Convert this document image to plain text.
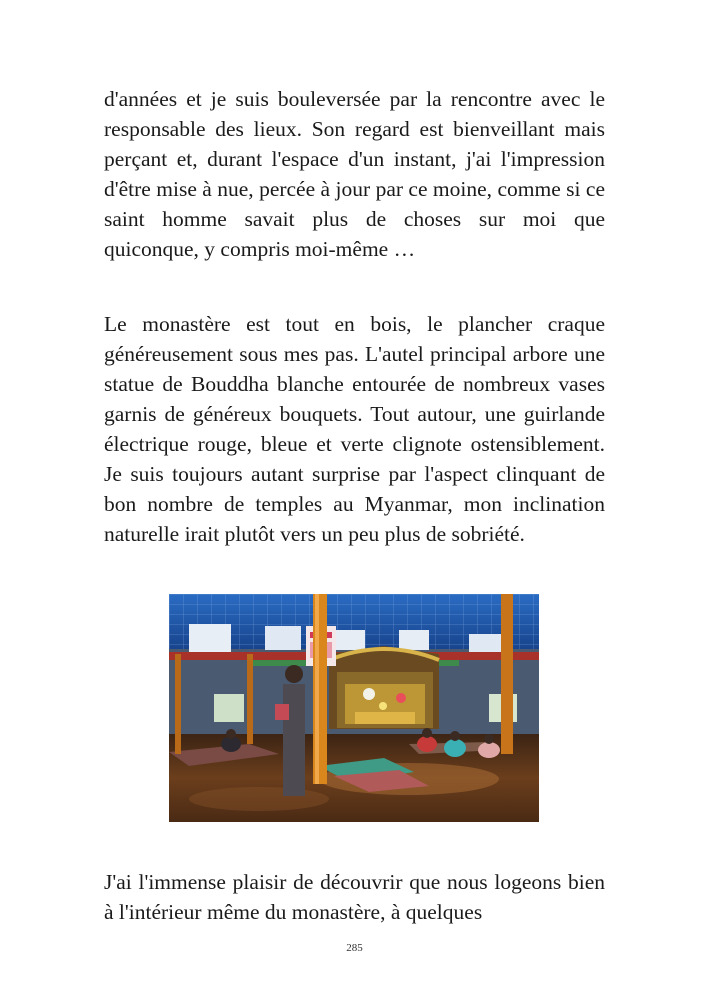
d'années et je suis bouleversée par la rencontre avec le responsable des lieux. Son regard est bienveillant mais perçant et, durant l'espace d'un instant, j'ai l'impression d'être mise à nue, percée à jour par ce moine, comme si ce saint homme savait plus de choses sur moi que quiconque, y compris moi-même …

Le monastère est tout en bois, le plancher craque généreusement sous mes pas. L'autel principal arbore une statue de Bouddha blanche entourée de nombreux vases garnis de généreux bouquets. Tout autour, une guirlande électrique rouge, bleue et verte clignote ostensiblement. Je suis toujours autant surprise par l'aspect clinquant de bon nombre de temples au Myanmar, mon inclination naturelle irait plutôt vers un peu plus de sobriété.

J'ai l'immense plaisir de découvrir que nous logeons bien à l'intérieur même du monastère, à quelques

285
